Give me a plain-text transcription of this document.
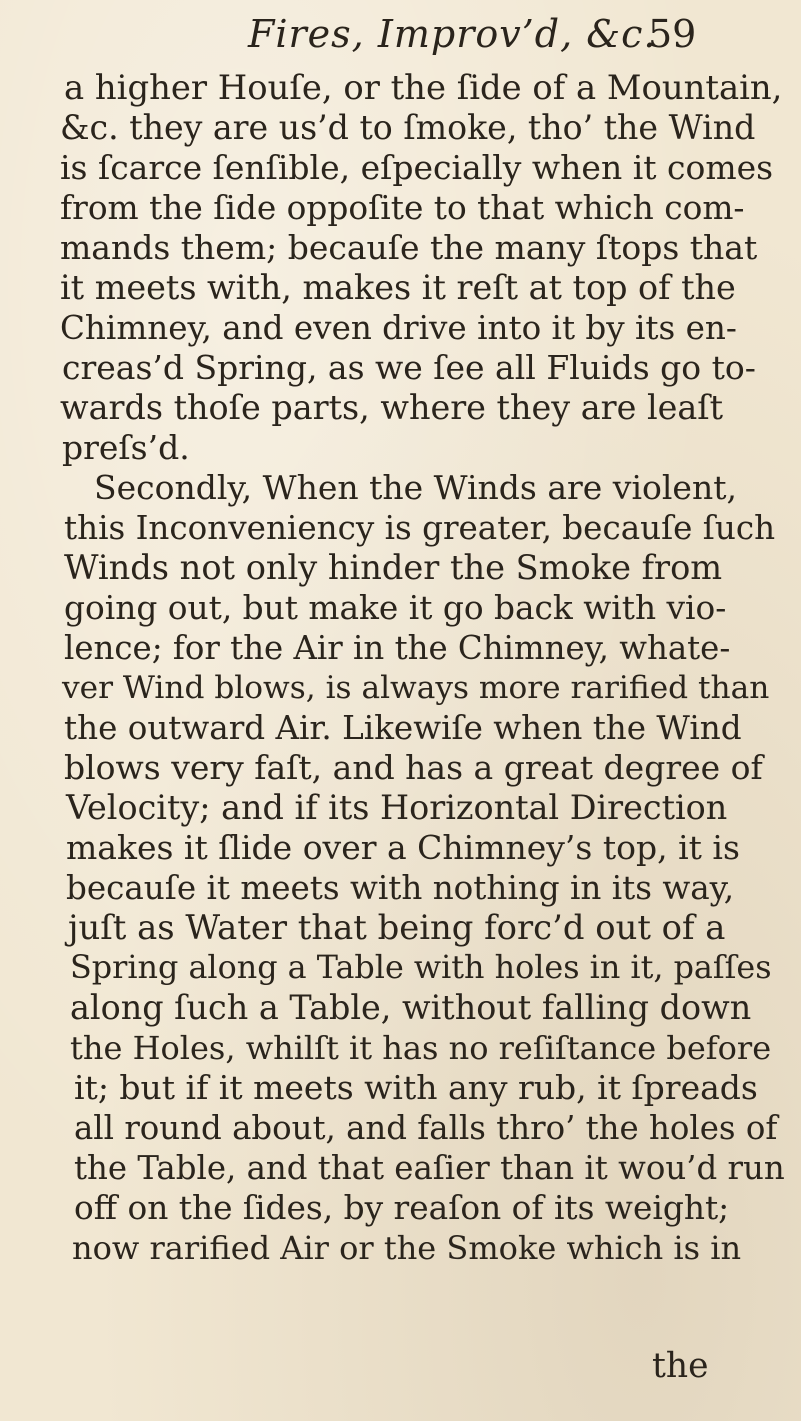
Fires, Improv’d, &c.
59
a higher Houſe, or the ſide of a Mountain,
&c. they are us’d to ſmoke, tho’ the Wind
is ſcarce ſenſible, eſpecially when it comes
from the ſide oppoſite to that which com-
mands them; becauſe the many ſtops that
it meets with, makes it reſt at top of the
Chimney, and even drive into it by its en-
creas’d Spring, as we ſee all Fluids go to-
wards thoſe parts, where they are leaſt
preſs’d.
Secondly, When the Winds are violent,
this Inconveniency is greater, becauſe ſuch
Winds not only hinder the Smoke from
going out, but make it go back with vio-
lence; for the Air in the Chimney, whate-
ver Wind blows, is always more rarified than
the outward Air. Likewiſe when the Wind
blows very faſt, and has a great degree of
Velocity; and if its Horizontal Direction
makes it ſlide over a Chimney’s top, it is
becauſe it meets with nothing in its way,
juſt as Water that being forc’d out of a
Spring along a Table with holes in it, paſſes
along ſuch a Table, without falling down
the Holes, whilſt it has no reſiſtance before
it; but if it meets with any rub, it ſpreads
all round about, and falls thro’ the holes of
the Table, and that eaſier than it wou’d run
off on the ſides, by reaſon of its weight;
now rarified Air or the Smoke which is in
the
